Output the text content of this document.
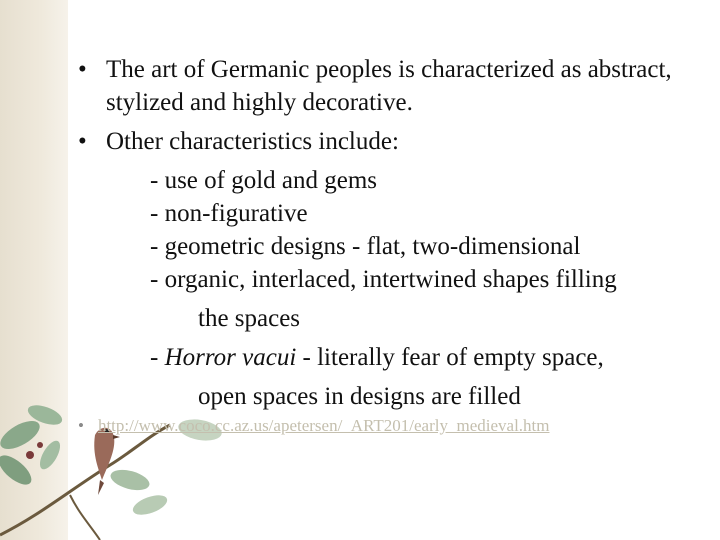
• The art of Germanic peoples is characterized as abstract, stylized and highly decorative.
• Other characteristics include:
- use of gold and gems
- non-figurative
- geometric designs - flat, two-dimensional
- organic, interlaced, intertwined shapes filling
the spaces
- Horror vacui - literally fear of empty space,
open spaces in designs are filled
• http://www.coco.cc.az.us/apetersen/_ART201/early_medieval.htm
